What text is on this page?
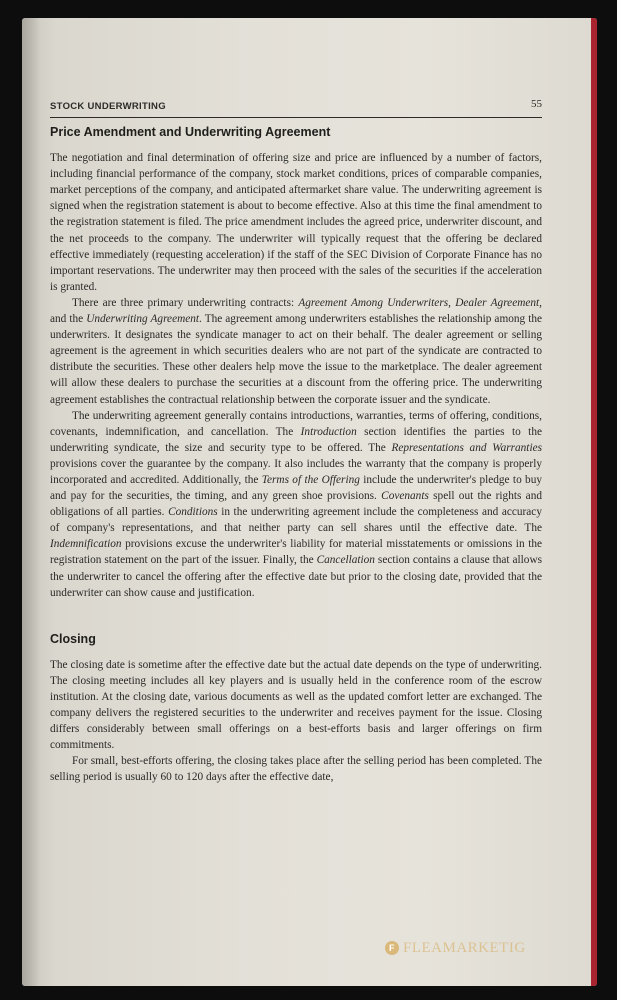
STOCK UNDERWRITING	55
Price Amendment and Underwriting Agreement

The negotiation and final determination of offering size and price are influenced by a number of factors, including financial performance of the company, stock market conditions, prices of comparable companies, market perceptions of the company, and anticipated aftermarket share value. The underwriting agreement is signed when the registration statement is about to become effective. Also at this time the final amendment to the registration statement is filed. The price amendment includes the agreed price, underwriter discount, and the net proceeds to the company. The underwriter will typically request that the offering be declared effective immediately (requesting acceleration) if the staff of the SEC Division of Corporate Finance has no important reservations. The underwriter may then proceed with the sales of the securities if the acceleration is granted.

There are three primary underwriting contracts: Agreement Among Underwriters, Dealer Agreement, and the Underwriting Agreement. The agreement among underwriters establishes the relationship among the underwriters. It designates the syndicate manager to act on their behalf. The dealer agreement or selling agreement is the agreement in which securities dealers who are not part of the syndicate are contracted to distribute the securities. These other dealers help move the issue to the marketplace. The dealer agreement will allow these dealers to purchase the securities at a discount from the offering price. The underwriting agreement establishes the contractual relationship between the corporate issuer and the syndicate.

The underwriting agreement generally contains introductions, warranties, terms of offering, conditions, covenants, indemnification, and cancellation. The Introduction section identifies the parties to the underwriting syndicate, the size and security type to be offered. The Representations and Warranties provisions cover the guarantee by the company. It also includes the warranty that the company is properly incorporated and accredited. Additionally, the Terms of the Offering include the underwriter's pledge to buy and pay for the securities, the timing, and any green shoe provisions. Covenants spell out the rights and obligations of all parties. Conditions in the underwriting agreement include the completeness and accuracy of company's representations, and that neither party can sell shares until the effective date. The Indemnification provisions excuse the underwriter's liability for material misstatements or omissions in the registration statement on the part of the issuer. Finally, the Cancellation section contains a clause that allows the underwriter to cancel the offering after the effective date but prior to the closing date, provided that the underwriter can show cause and justification.

Closing

The closing date is sometime after the effective date but the actual date depends on the type of underwriting. The closing meeting includes all key players and is usually held in the conference room of the escrow institution. At the closing date, various documents as well as the updated comfort letter are exchanged. The company delivers the registered securities to the underwriter and receives payment for the issue. Closing differs considerably between small offerings on a best-efforts basis and larger offerings on firm commitments.

For small, best-efforts offering, the closing takes place after the selling period has been completed. The selling period is usually 60 to 120 days after the effective date,

F FLEAMARKETIG
